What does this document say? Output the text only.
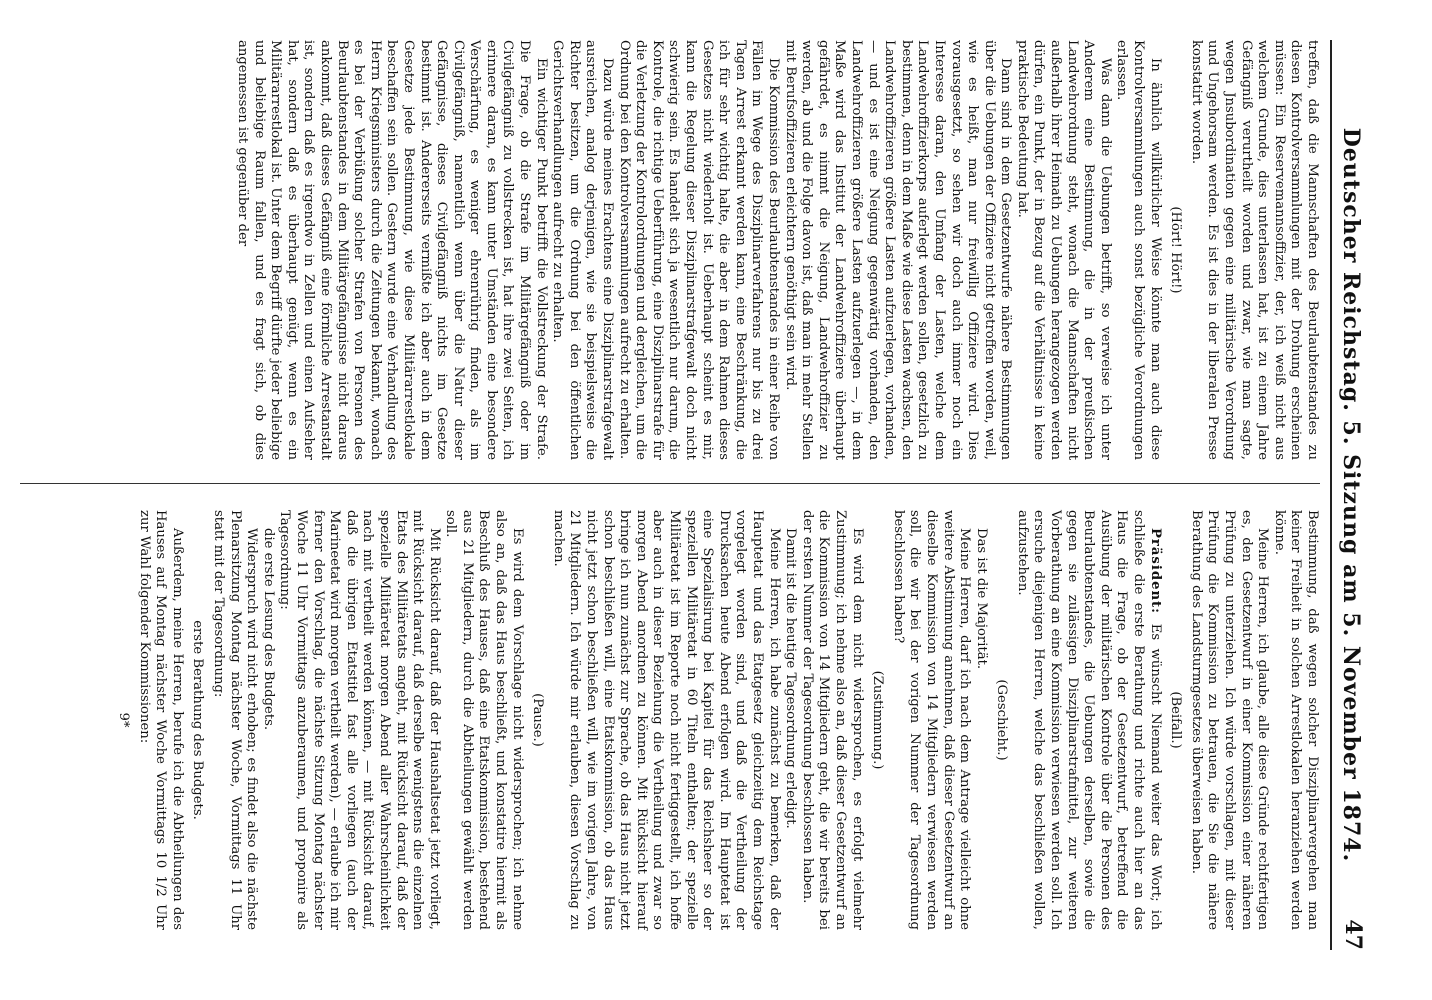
Deutscher Reichstag. 5. Sitzung am 5. November 1874.
47

treffen, daß die Mannschaften des Beurlaubtenstandes zu diesen Kontrolversammlungen mit der Drohung erscheinen müssen: Ein Reservemannsoffizier, der, ich weiß nicht aus welchem Grunde, dies unterlassen hat, ist zu einem Jahre Gefängniß verurtheilt worden und zwar, wie man sagte, wegen Jnsubordination gegen eine militärische Verordnung und Ungehorsam werden. Es ist dies in der liberalen Presse konstatirt worden.

(Hört! Hört!)

In ähnlich willkürlicher Weise könnte man auch diese Kontrolversammlungen auch sonst bezügliche Verordnungen erlassen.

Was dann die Uebungen betrifft, so verweise ich unter Anderem eine Bestimmung, die in der preußischen Landwehrordnung steht, wonach die Mannschaften nicht außerhalb ihrer Heimath zu Uebungen herangezogen werden dürfen, ein Punkt, der in Bezug auf die Verhältnisse in keine praktische Bedeutung hat.

Dann sind in dem Gesetzentwurfe nähere Bestimmungen über die Uebungen der Offiziere nicht getroffen worden, weil, wie es heißt, man nur freiwillig Offiziere wird. Dies vorausgesetzt, so sehen wir doch auch immer noch ein Interesse daran, den Umfang der Lasten, welche dem Landwehroffizierkorps auferlegt werden sollen, gesetzlich zu bestimmen, denn in dem Maße wie diese Lasten wachsen, den Landwehroffizieren größere Lasten aufzuerlegen, vorhanden, — und es ist eine Neigung gegenwärtig vorhanden, den Landwehroffizieren größere Lasten aufzuerlegen —, in dem Maße wird das Institut der Landwehroffiziere überhaupt gefährdet, es nimmt die Neigung, Landwehroffizier zu werden, ab und die Folge davon ist, daß man in mehr Stellen mit Berufsoffizieren erleichtern genöthigt sein wird.

Die Kommission des Beurlaubtenstandes in einer Reihe von Fällen im Wege des Disziplinarverfahrens nur bis zu drei Tagen Arrest erkannt werden kann, eine Beschränkung, die ich für sehr wichtig halte, die aber in dem Rahmen dieses Gesetzes nicht wiederholt ist. Ueberhaupt scheint es mir, kann die Regelung dieser Disziplinarstrafgewalt doch nicht schwierig sein. Es handelt sich ja wesentlich nur darum, die Kontrole, die richtige Ueberführung, eine Disziplinarstrafe für die Verletzung der Kontrolordnungen und dergleichen, um die Ordnung bei den Kontrolversammlungen aufrecht zu erhalten.

Dazu würde meines Erachtens eine Disziplinarstrafgewalt ausreichen, analog derjenigen, wie sie beispielsweise die Richter besitzen, um die Ordnung bei den öffentlichen Gerichtsverhandlungen aufrecht zu erhalten.

Ein wichtiger Punkt betrifft die Vollstreckung der Strafe. Die Frage, ob die Strafe im Militärgefängniß oder im Civilgefängniß zu vollstrecken ist, hat ihre zwei Seiten, ich erinnere daran, es kann unter Umständen eine besondere Verschärfung, es weniger ehrenrührig finden, als im Civilgefängniß, namentlich wenn über die Natur dieser Gefängnisse, dieses Civilgefängniß nichts im Gesetze bestimmt ist. Andererseits vermißte ich aber auch in dem Gesetze jede Bestimmung, wie diese Militärarrestlokale beschaffen sein sollen. Gestern wurde eine Verhandlung des Herrn Kriegsministers durch die Zeitungen bekannt, wonach es bei der Verbüßung solcher Strafen von Personen des Beurlaubtenstandes in dem Militärgefängnisse nicht daraus ankommt, daß dieses Gefängniß eine förmliche Arrestanstalt ist, sondern daß es irgendwo in Zellen und einen Aufseher hat, sondern daß es überhaupt genügt, wenn es ein Militärarrestlokal ist. Unter dem Begriff dürfte jeder beliebige und beliebige Raum fallen, und es fragt sich, ob dies angemessen ist gegenüber der

Bestimmung, daß wegen solcher Disziplinarvergehen man keiner Freiheit in solchen Arrestlokalen heranziehen werden könne.

Meine Herren, ich glaube, alle diese Gründe rechtfertigen es, den Gesetzentwurf in einer Kommission einer näheren Prüfung zu unterziehen. Ich würde vorschlagen, mit dieser Prüfung die Kommission zu betrauen, die Sie die nähere Berathung des Landsturmgesetzes überweisen haben.

(Beifall.)

Präsident: Es wünscht Niemand weiter das Wort; ich schließe die erste Berathung und richte auch hier an das Haus die Frage, ob der Gesetzentwurf, betreffend die Ausübung der militärischen Kontrole über die Personen des Beurlaubtenstandes, die Uebungen derselben, sowie die gegen sie zulässigen Disziplinarstrafmittel, zur weiteren Vorberathung an eine Kommission verwiesen werden soll. Ich ersuche diejenigen Herren, welche das beschließen wollen, aufzustehen.

(Geschieht.)

Das ist die Majorität.

Meine Herren, darf ich nach dem Antrage vielleicht ohne weitere Abstimmung annehmen, daß dieser Gesetzentwurf an dieselbe Kommission von 14 Mitgliedern verwiesen werden soll, die wir bei der vorigen Nummer der Tagesordnung beschlossen haben?

(Zustimmung.)

Es wird dem nicht widersprochen, es erfolgt vielmehr Zustimmung; ich nehme also an, daß dieser Gesetzentwurf an die Kommission von 14 Mitgliedern geht, die wir bereits bei der ersten Nummer der Tagesordnung beschlossen haben.

Damit ist die heutige Tagesordnung erledigt.

Meine Herren, ich habe zunächst zu bemerken, daß der Hauptetat und das Etatgesetz gleichzeitig dem Reichstage vorgelegt worden sind, und daß die Vertheilung der Drucksachen heute Abend erfolgen wird. Im Hauptetat ist eine Spezialisirung bei Kapitel für das Reichsheer so der speziellen Militäretat in 60 Titeln enthalten; der spezielle Militäretat ist im Reporte noch nicht fertiggestellt, ich hoffe aber auch in dieser Beziehung die Vertheilung und zwar so morgen Abend anordnen zu können. Mit Rücksicht hierauf bringe ich nun zunächst zur Sprache, ob das Haus nicht jetzt schon beschließen will, eine Etatskommission, ob das Haus nicht jetzt schon beschließen will, wie im vorigen Jahre, von 21 Mitgliedern. Ich würde mir erlauben, diesen Vorschlag zu machen.

(Pause.)

Es wird dem Vorschlage nicht widersprochen; ich nehme also an, daß das Haus beschließt, und konstatire hiermit als Beschluß des Hauses, daß eine Etatskommission, bestehend aus 21 Mitgliedern, durch die Abtheilungen gewählt werden soll.

Mit Rücksicht darauf, daß der Haushaltsetat jetzt vorliegt, mit Rücksicht darauf, daß derselbe wenigstens die einzelnen Etats des Militäretats angeht, mit Rücksicht darauf, daß der spezielle Militäretat morgen Abend aller Wahrscheinlichkeit nach mit vertheilt werden können, — mit Rücksicht darauf, daß die übrigen Etatstitel fast alle vorliegen (auch der Marineetat wird morgen vertheilt werden), — erlaube ich mir ferner den Vorschlag, die nächste Sitzung Montag nächster Woche 11 Uhr Vormittags anzuberaumen, und proponire als Tagesordnung:

die erste Lesung des Budgets.

Widerspruch wird nicht erhoben; es findet also die nächste Plenarsitzung Montag nächster Woche, Vormittags 11 Uhr statt mit der Tagesordnung:

erste Berathung des Budgets.

Außerdem, meine Herren, berufe ich die Abtheilungen des Hauses auf Montag nächster Woche Vormittags 10 1/2 Uhr zur Wahl folgender Kommissionen:

9*
